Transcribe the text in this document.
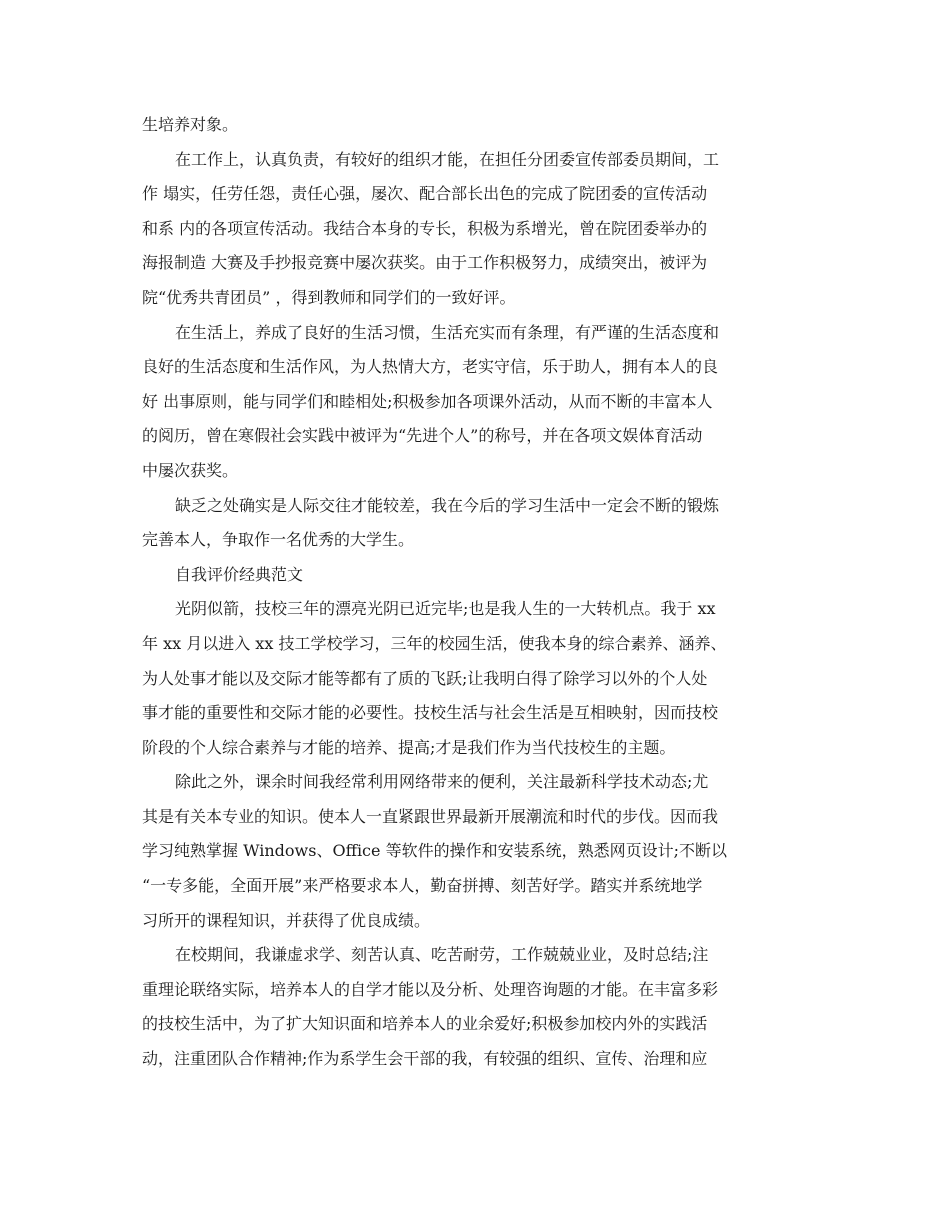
生培养对象。
在工作上，认真负责，有较好的组织才能，在担任分团委宣传部委员期间，工
作 塌实，任劳任怨，责任心强，屡次、配合部长出色的完成了院团委的宣传活动
和系 内的各项宣传活动。我结合本身的专长，积极为系增光，曾在院团委举办的
海报制造 大赛及手抄报竞赛中屡次获奖。由于工作积极努力，成绩突出，被评为
院“优秀共青团员” ，得到教师和同学们的一致好评。
在生活上，养成了良好的生活习惯，生活充实而有条理，有严谨的生活态度和
良好的生活态度和生活作风，为人热情大方，老实守信，乐于助人，拥有本人的良
好 出事原则，能与同学们和睦相处;积极参加各项课外活动，从而不断的丰富本人
的阅历，曾在寒假社会实践中被评为“先进个人”的称号，并在各项文娱体育活动
中屡次获奖。
缺乏之处确实是人际交往才能较差，我在今后的学习生活中一定会不断的锻炼
完善本人，争取作一名优秀的大学生。
自我评价经典范文
光阴似箭，技校三年的漂亮光阴已近完毕;也是我人生的一大转机点。我于 xx
年 xx 月以进入 xx 技工学校学习，三年的校园生活，使我本身的综合素养、涵养、
为人处事才能以及交际才能等都有了质的飞跃;让我明白得了除学习以外的个人处
事才能的重要性和交际才能的必要性。技校生活与社会生活是互相映射，因而技校
阶段的个人综合素养与才能的培养、提高;才是我们作为当代技校生的主题。
除此之外，课余时间我经常利用网络带来的便利，关注最新科学技术动态;尤
其是有关本专业的知识。使本人一直紧跟世界最新开展潮流和时代的步伐。因而我
学习纯熟掌握 Windows、Office 等软件的操作和安装系统，熟悉网页设计;不断以
“一专多能，全面开展”来严格要求本人，勤奋拼搏、刻苦好学。踏实并系统地学
习所开的课程知识，并获得了优良成绩。
在校期间，我谦虚求学、刻苦认真、吃苦耐劳，工作兢兢业业，及时总结;注
重理论联络实际，培养本人的自学才能以及分析、处理咨询题的才能。在丰富多彩
的技校生活中，为了扩大知识面和培养本人的业余爱好;积极参加校内外的实践活
动，注重团队合作精神;作为系学生会干部的我，有较强的组织、宣传、治理和应
